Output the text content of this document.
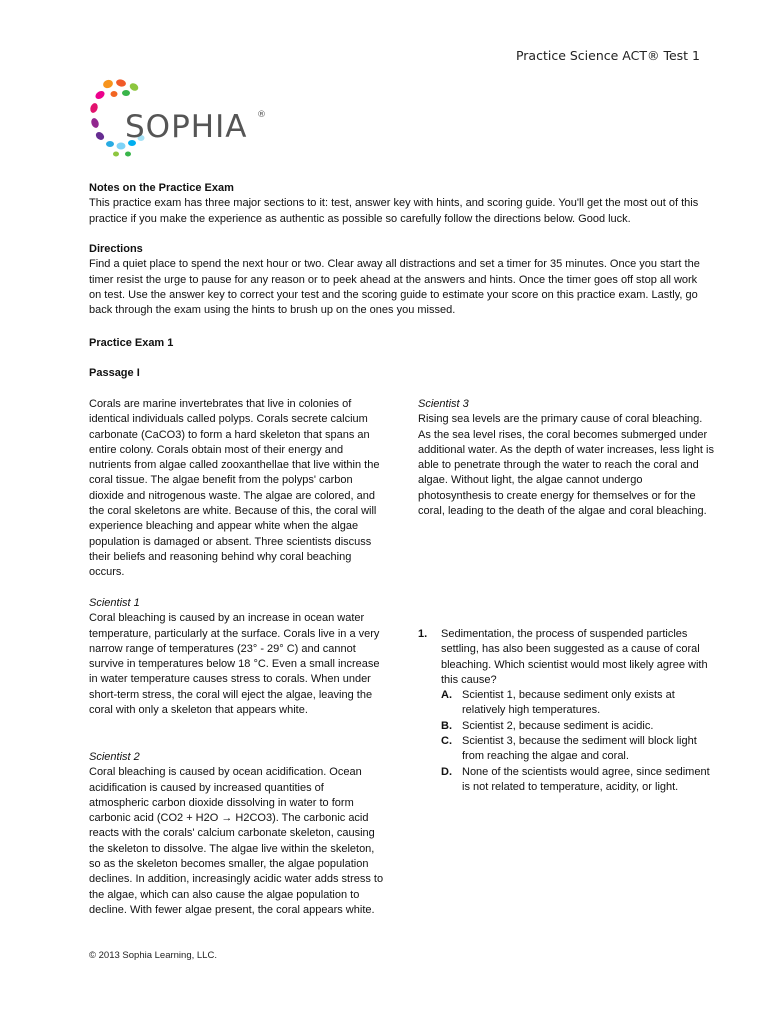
Practice Science ACT® Test 1
SOPHIA ®
Notes on the Practice Exam

This practice exam has three major sections to it: test, answer key with hints, and scoring guide. You'll get the most out of this practice if you make the experience as authentic as possible so carefully follow the directions below. Good luck.

Directions

Find a quiet place to spend the next hour or two. Clear away all distractions and set a timer for 35 minutes. Once you start the timer resist the urge to pause for any reason or to peek ahead at the answers and hints. Once the timer goes off stop all work on test. Use the answer key to correct your test and the scoring guide to estimate your score on this practice exam. Lastly, go back through the exam using the hints to brush up on the ones you missed.

Practice Exam 1
Passage I

Corals are marine invertebrates that live in colonies of identical individuals called polyps. Corals secrete calcium carbonate (CaCO3) to form a hard skeleton that spans an entire colony. Corals obtain most of their energy and nutrients from algae called zooxanthellae that live within the coral tissue. The algae benefit from the polyps' carbon dioxide and nitrogenous waste. The algae are colored, and the coral skeletons are white. Because of this, the coral will experience bleaching and appear white when the algae population is damaged or absent. Three scientists discuss their beliefs and reasoning behind why coral beaching occurs.

Scientist 1

Coral bleaching is caused by an increase in ocean water temperature, particularly at the surface. Corals live in a very narrow range of temperatures (23° - 29° C) and cannot survive in temperatures below 18 °C. Even a small increase in water temperature causes stress to corals. When under short-term stress, the coral will eject the algae, leaving the coral with only a skeleton that appears white.

Scientist 2

Coral bleaching is caused by ocean acidification. Ocean acidification is caused by increased quantities of atmospheric carbon dioxide dissolving in water to form carbonic acid (CO2 + H2O → H2CO3). The carbonic acid reacts with the corals' calcium carbonate skeleton, causing the skeleton to dissolve. The algae live within the skeleton, so as the skeleton becomes smaller, the algae population declines. In addition, increasingly acidic water adds stress to the algae, which can also cause the algae population to decline. With fewer algae present, the coral appears white.

Scientist 3

Rising sea levels are the primary cause of coral bleaching. As the sea level rises, the coral becomes submerged under additional water. As the depth of water increases, less light is able to penetrate through the water to reach the coral and algae. Without light, the algae cannot undergo photosynthesis to create energy for themselves or for the coral, leading to the death of the algae and coral bleaching.

1. Sedimentation, the process of suspended particles settling, has also been suggested as a cause of coral bleaching. Which scientist would most likely agree with this cause?

A. Scientist 1, because sediment only exists at relatively high temperatures.
B. Scientist 2, because sediment is acidic.
C. Scientist 3, because the sediment will block light from reaching the algae and coral.
D. None of the scientists would agree, since sediment is not related to temperature, acidity, or light.
© 2013 Sophia Learning, LLC.
